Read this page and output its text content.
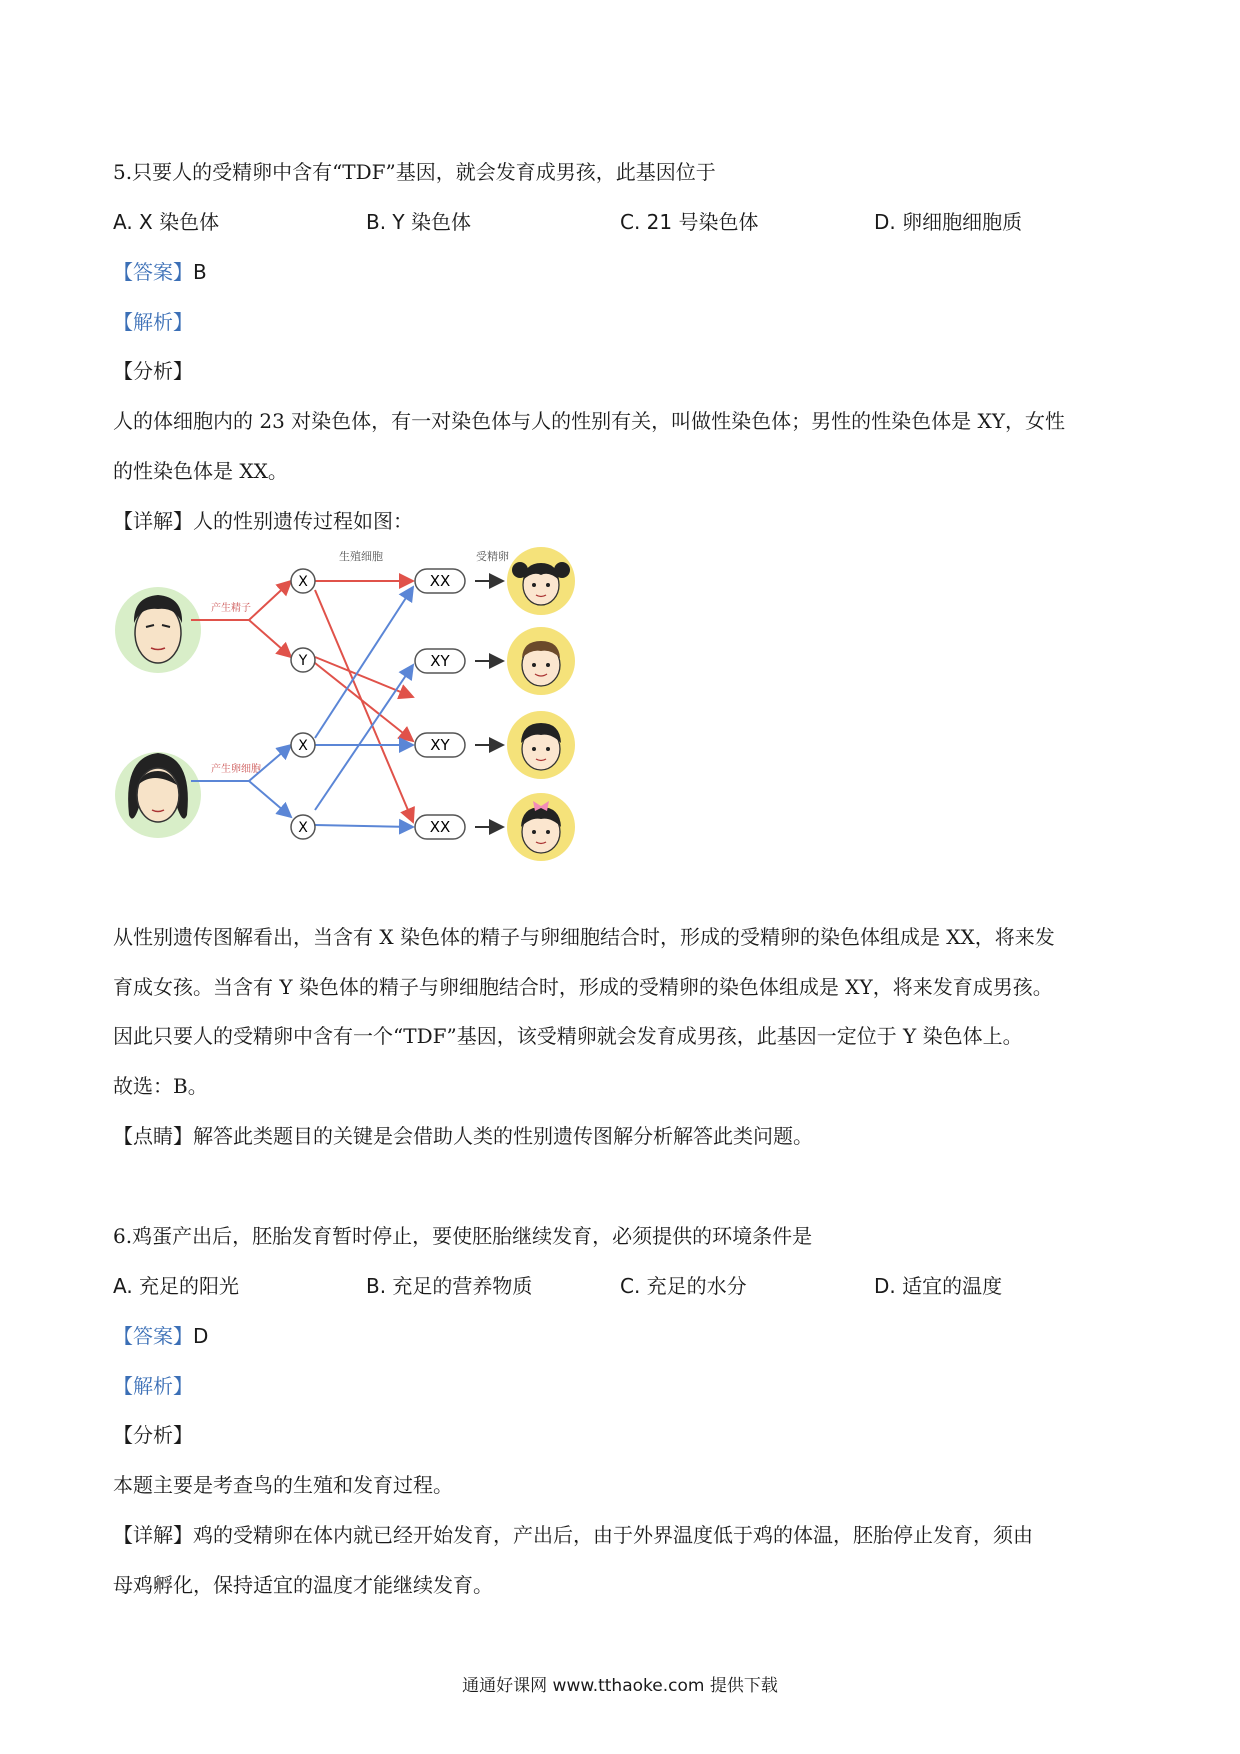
5.只要人的受精卵中含有“TDF”基因，就会发育成男孩，此基因位于
A. X 染色体	B. Y 染色体	C. 21 号染色体	D. 卵细胞细胞质
【答案】B
【解析】
【分析】
人的体细胞内的 23 对染色体，有一对染色体与人的性别有关，叫做性染色体；男性的性染色体是 XY，女性
的性染色体是 XX。
【详解】人的性别遗传过程如图：
生殖细胞	受精卵
产生精子
产生卵细胞
X
Y
X
X
XX
XY
XY
XX
从性别遗传图解看出，当含有 X 染色体的精子与卵细胞结合时，形成的受精卵的染色体组成是 XX，将来发
育成女孩。当含有 Y 染色体的精子与卵细胞结合时，形成的受精卵的染色体组成是 XY，将来发育成男孩。
因此只要人的受精卵中含有一个“TDF”基因，该受精卵就会发育成男孩，此基因一定位于 Y 染色体上。
故选：B。
【点睛】解答此类题目的关键是会借助人类的性别遗传图解分析解答此类问题。
6.鸡蛋产出后，胚胎发育暂时停止，要使胚胎继续发育，必须提供的环境条件是
A. 充足的阳光	B. 充足的营养物质	C. 充足的水分	D. 适宜的温度
【答案】D
【解析】
【分析】
本题主要是考查鸟的生殖和发育过程。
【详解】鸡的受精卵在体内就已经开始发育，产出后，由于外界温度低于鸡的体温，胚胎停止发育，须由
母鸡孵化，保持适宜的温度才能继续发育。
通通好课网 www.tthaoke.com 提供下载
